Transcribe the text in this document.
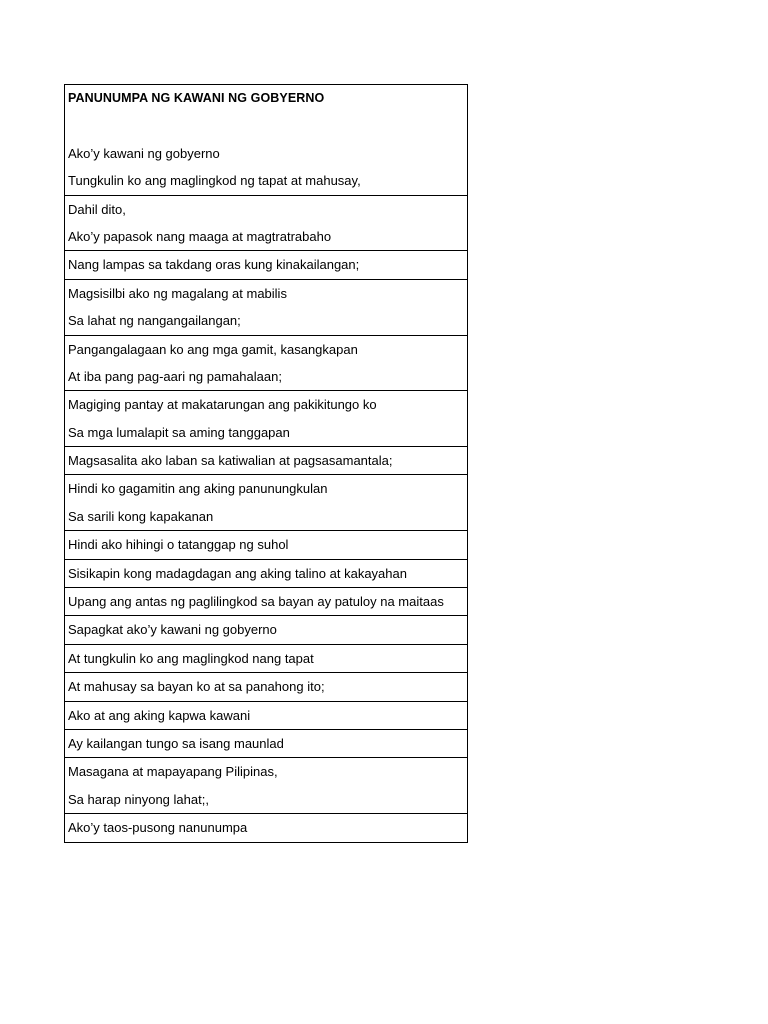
PANUNUMPA NG KAWANI NG GOBYERNO
Ako’y kawani ng gobyerno
Tungkulin ko ang maglingkod ng tapat at mahusay,
Dahil dito,
Ako’y papasok nang maaga at magtratrabaho
Nang lampas sa takdang oras kung kinakailangan;
Magsisilbi ako ng magalang at mabilis
Sa lahat ng nangangailangan;
Pangangalagaan ko ang mga gamit, kasangkapan
At iba pang pag-aari ng pamahalaan;
Magiging pantay at makatarungan ang pakikitungo ko
Sa mga lumalapit sa aming tanggapan
Magsasalita ako laban sa katiwalian at pagsasamantala;
Hindi ko gagamitin ang aking panunungkulan
Sa sarili kong kapakanan
Hindi ako hihingi o tatanggap ng suhol
Sisikapin kong madagdagan ang aking talino at kakayahan
Upang ang antas ng paglilingkod sa bayan ay patuloy na maitaas
Sapagkat ako’y kawani ng gobyerno
At tungkulin ko ang maglingkod nang tapat
At mahusay sa bayan ko at sa panahong ito;
Ako at ang aking kapwa kawani
Ay kailangan tungo sa isang maunlad
Masagana at mapayapang Pilipinas,
Sa harap ninyong lahat;,
Ako’y taos-pusong nanunumpa
